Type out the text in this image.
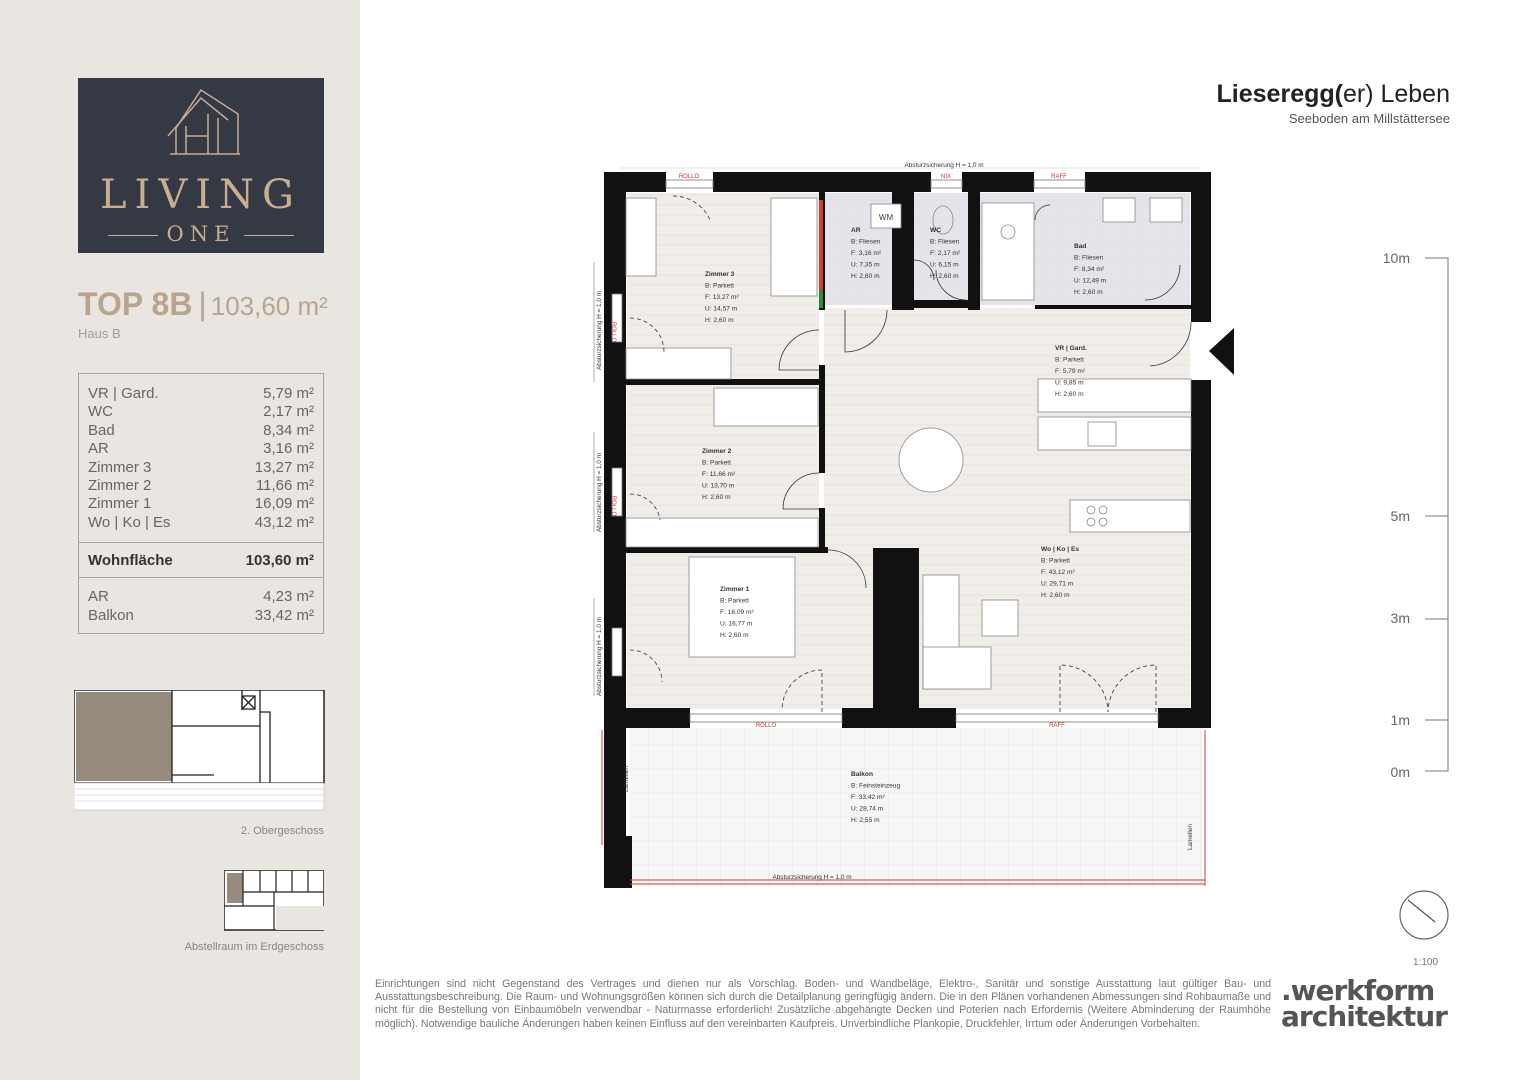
LIVING
ONE
TOP 8B | 103,60 m²
Haus B
VR | Gard.	5,79 m²
WC	2,17 m²
Bad	8,34 m²
AR	3,16 m²
Zimmer 3	13,27 m²
Zimmer 2	11,66 m²
Zimmer 1	16,09 m²
Wo | Ko | Es	43,12 m²
Wohnfläche	103,60 m²
AR	4,23 m²
Balkon	33,42 m²
2. Obergeschoss
Abstellraum im Erdgeschoss
Lieseregg(er) Leben
Seeboden am Millstättersee
ROLLO	NIX	RAFF
ROLLO	RAFF
ROLLO
ROLLO
WM
Absturzsicherung H = 1,0 m
Absturzsicherung H = 1,0 m
Absturzsicherung H = 1,0 m
Absturzsicherung H = 1,0 m
Absturzsicherung H = 1,0 m
Lamellen
Lamellen
Zimmer 3
B: Parkett
F: 13,27 m²
U: 14,57 m
H: 2,60 m
AR
B: Fliesen
F: 3,16 m²
U: 7,35 m
H: 2,60 m
WC
B: Fliesen
F: 2,17 m²
U: 6,15 m
H: 2,60 m
Bad
B: Fliesen
F: 8,34 m²
U: 12,49 m
H: 2,60 m
VR | Gard.
B: Parkett
F: 5,79 m²
U: 9,85 m
H: 2,60 m
Zimmer 2
B: Parkett
F: 11,66 m²
U: 13,70 m
H: 2,60 m
Wo | Ko | Es
B: Parkett
F: 43,12 m²
U: 29,71 m
H: 2,60 m
Zimmer 1
B: Parkett
F: 16,09 m²
U: 16,77 m
H: 2,60 m
Balkon
B: Feinsteinzeug
F: 33,42 m²
U: 28,74 m
H: 2,55 m
10m
5m
3m
1m
0m
1:100
Einrichtungen sind nicht Gegenstand des Vertrages und dienen nur als Vorschlag. Boden- und Wandbeläge, Elektro-, Sanitär und sonstige Ausstattung laut gültiger Bau- und Ausstattungsbeschreibung. Die Raum- und Wohnungsgrößen können sich durch die Detailplanung geringfügig ändern. Die in den Plänen vorhandenen Abmessungen sind Rohbaumaße und nicht für die Bestellung von Einbaumöbeln verwendbar - Naturmasse erforderlich! Zusätzliche abgehängte Decken und Poterien nach Erfordernis (Weitere Abminderung der Raumhöhe möglich). Notwendige bauliche Änderungen haben keinen Einfluss auf den vereinbarten Kaufpreis. Unverbindliche Plankopie, Druckfehler, Irrtum oder Änderungen Vorbehalten.
.werkform
architektur
